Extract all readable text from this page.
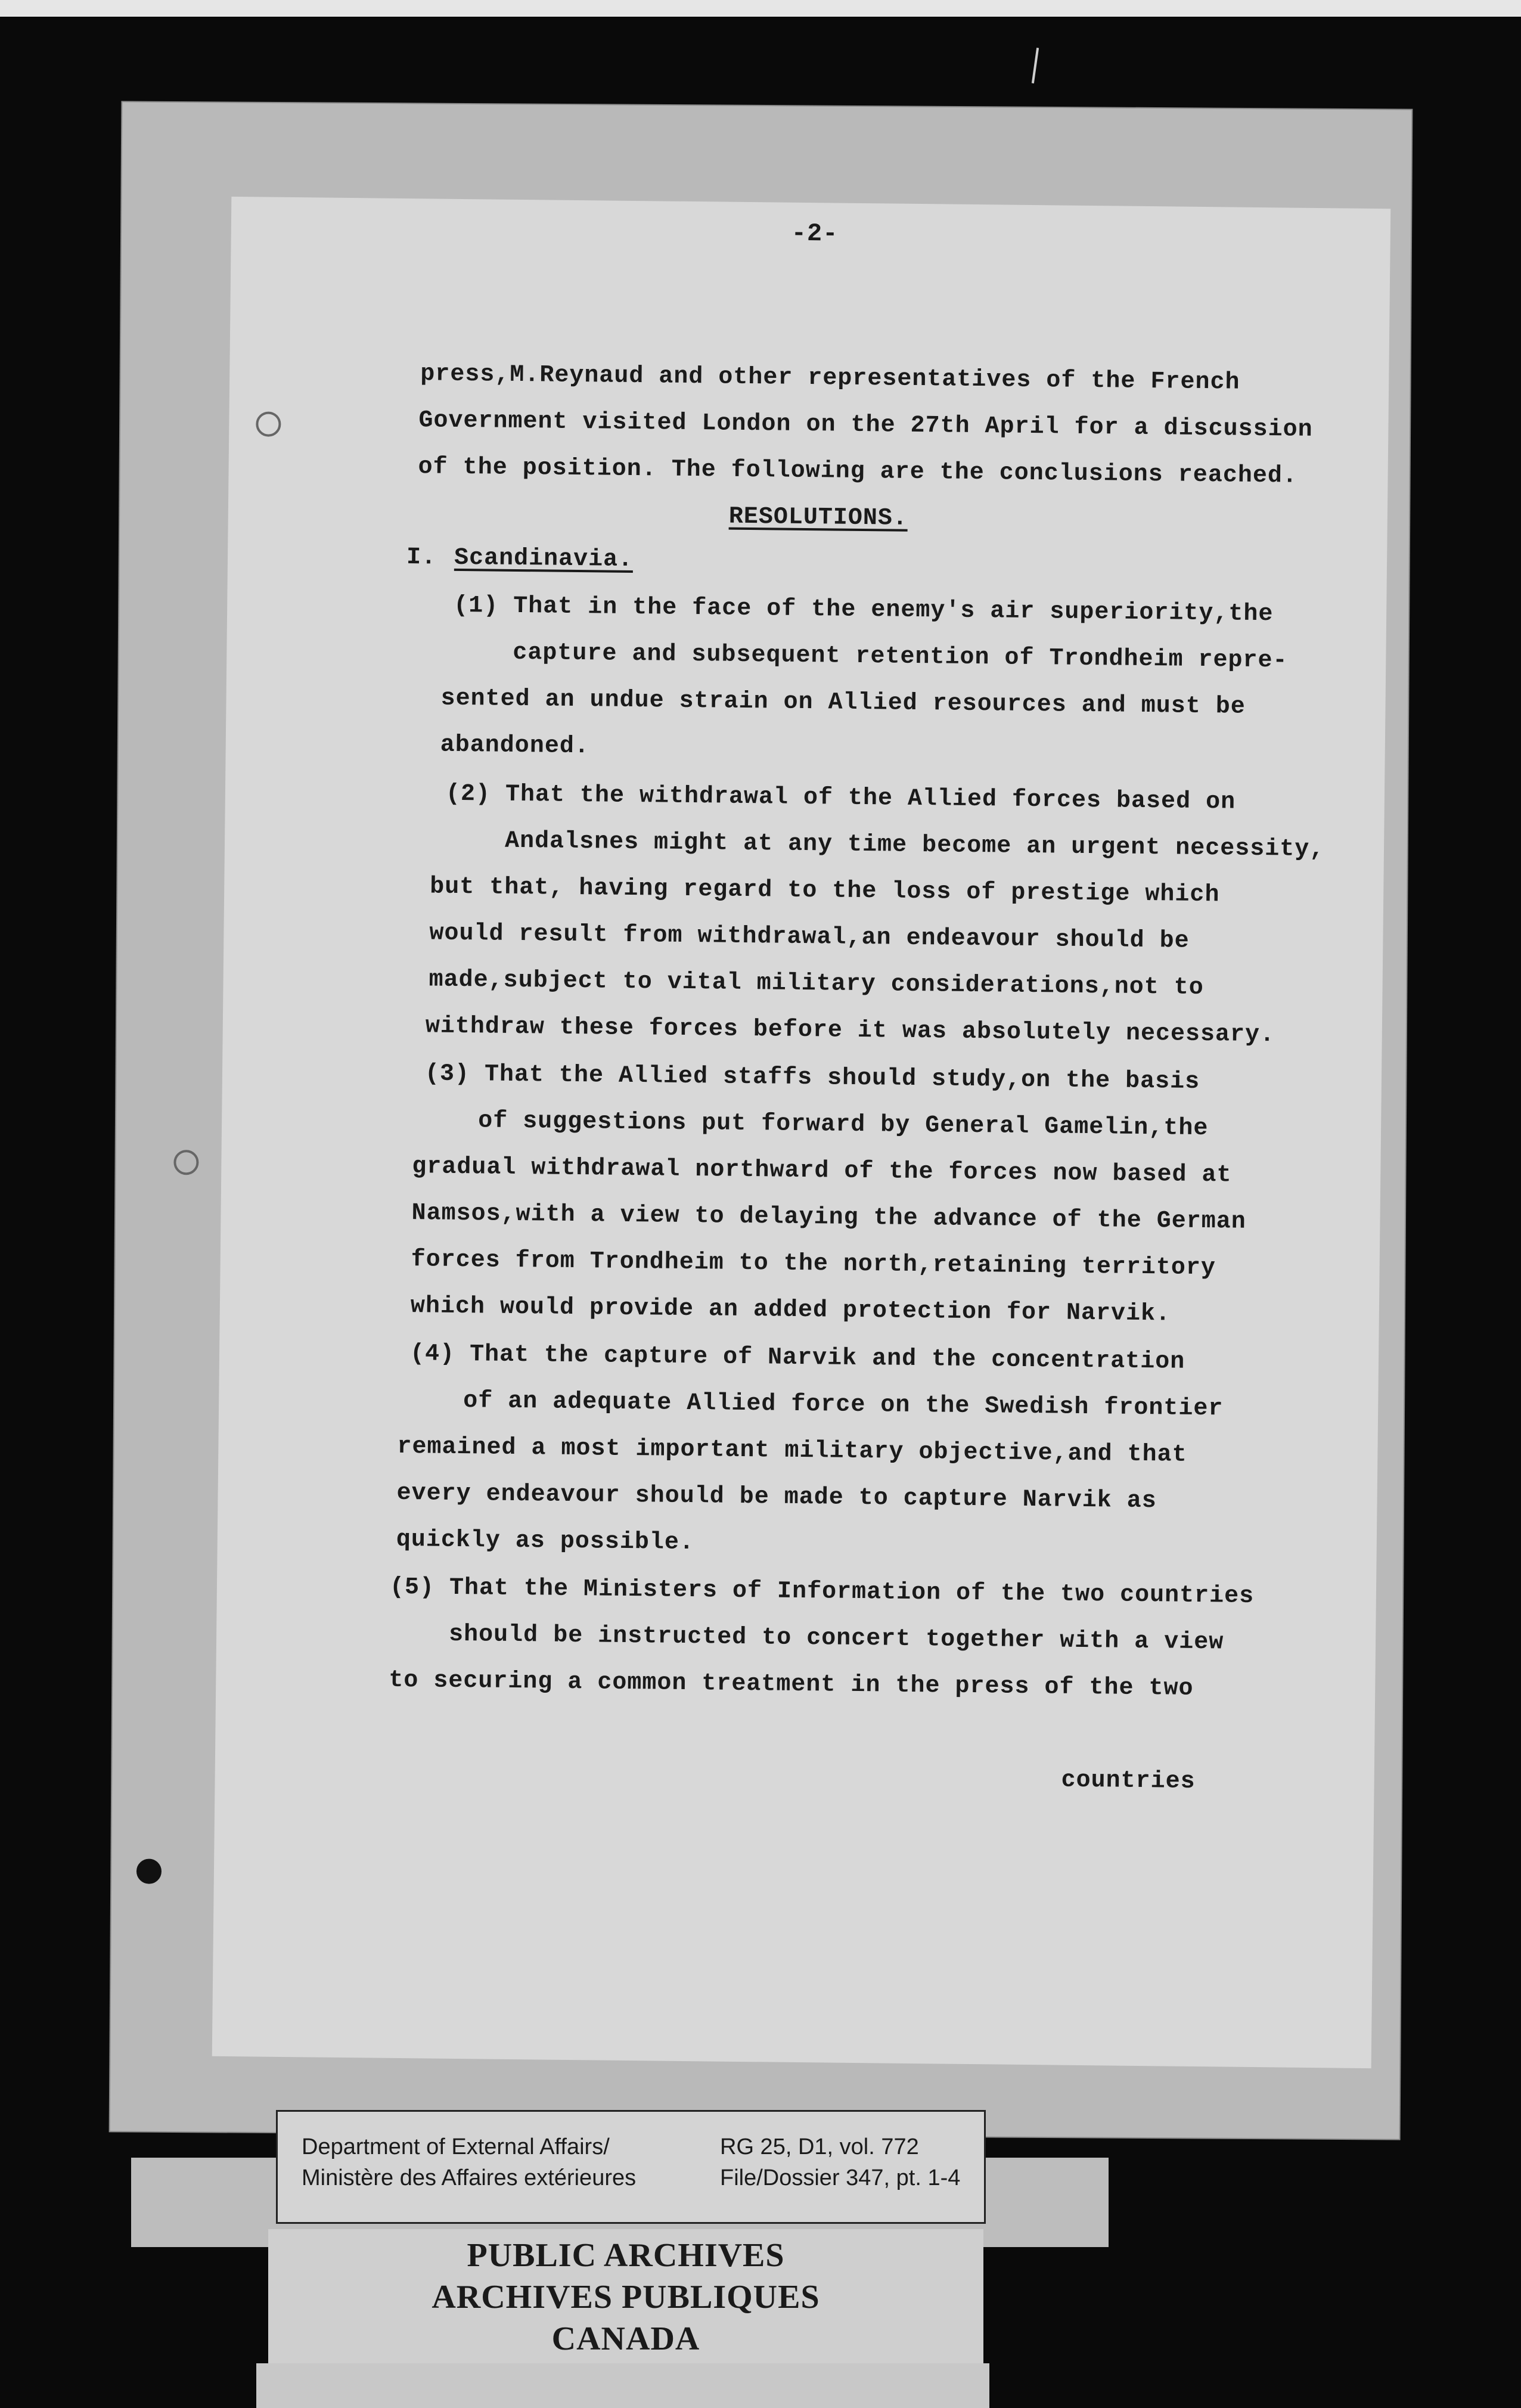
-2-
press,M.Reynaud and other representatives of the French
Government visited London on the 27th April for a discussion
of the position. The following are the conclusions reached.
RESOLUTIONS.
I. Scandinavia.
(1) That in the face of the enemy's air superiority,the
capture and subsequent retention of Trondheim repre-
sented an undue strain on Allied resources and must be
abandoned.
(2) That the withdrawal of the Allied forces based on
Andalsnes might at any time become an urgent necessity,
but that, having regard to the loss of prestige which
would result from withdrawal,an endeavour should be
made,subject to vital military considerations,not to
withdraw these forces before it was absolutely necessary.
(3) That the Allied staffs should study,on the basis
of suggestions put forward by General Gamelin,the
gradual withdrawal northward of the forces now based at
Namsos,with a view to delaying the advance of the German
forces from Trondheim to the north,retaining territory
which would provide an added protection for Narvik.
(4) That the capture of Narvik and the concentration
of an adequate Allied force on the Swedish frontier
remained a most important military objective,and that
every endeavour should be made to capture Narvik as
quickly as possible.
(5) That the Ministers of Information of the two countries
should be instructed to concert together with a view
to securing a common treatment in the press of the two
countries
Department of External Affairs/
Ministère des Affaires extérieures
RG 25, D1, vol. 772
File/Dossier 347, pt. 1-4
PUBLIC ARCHIVES
ARCHIVES PUBLIQUES
CANADA
